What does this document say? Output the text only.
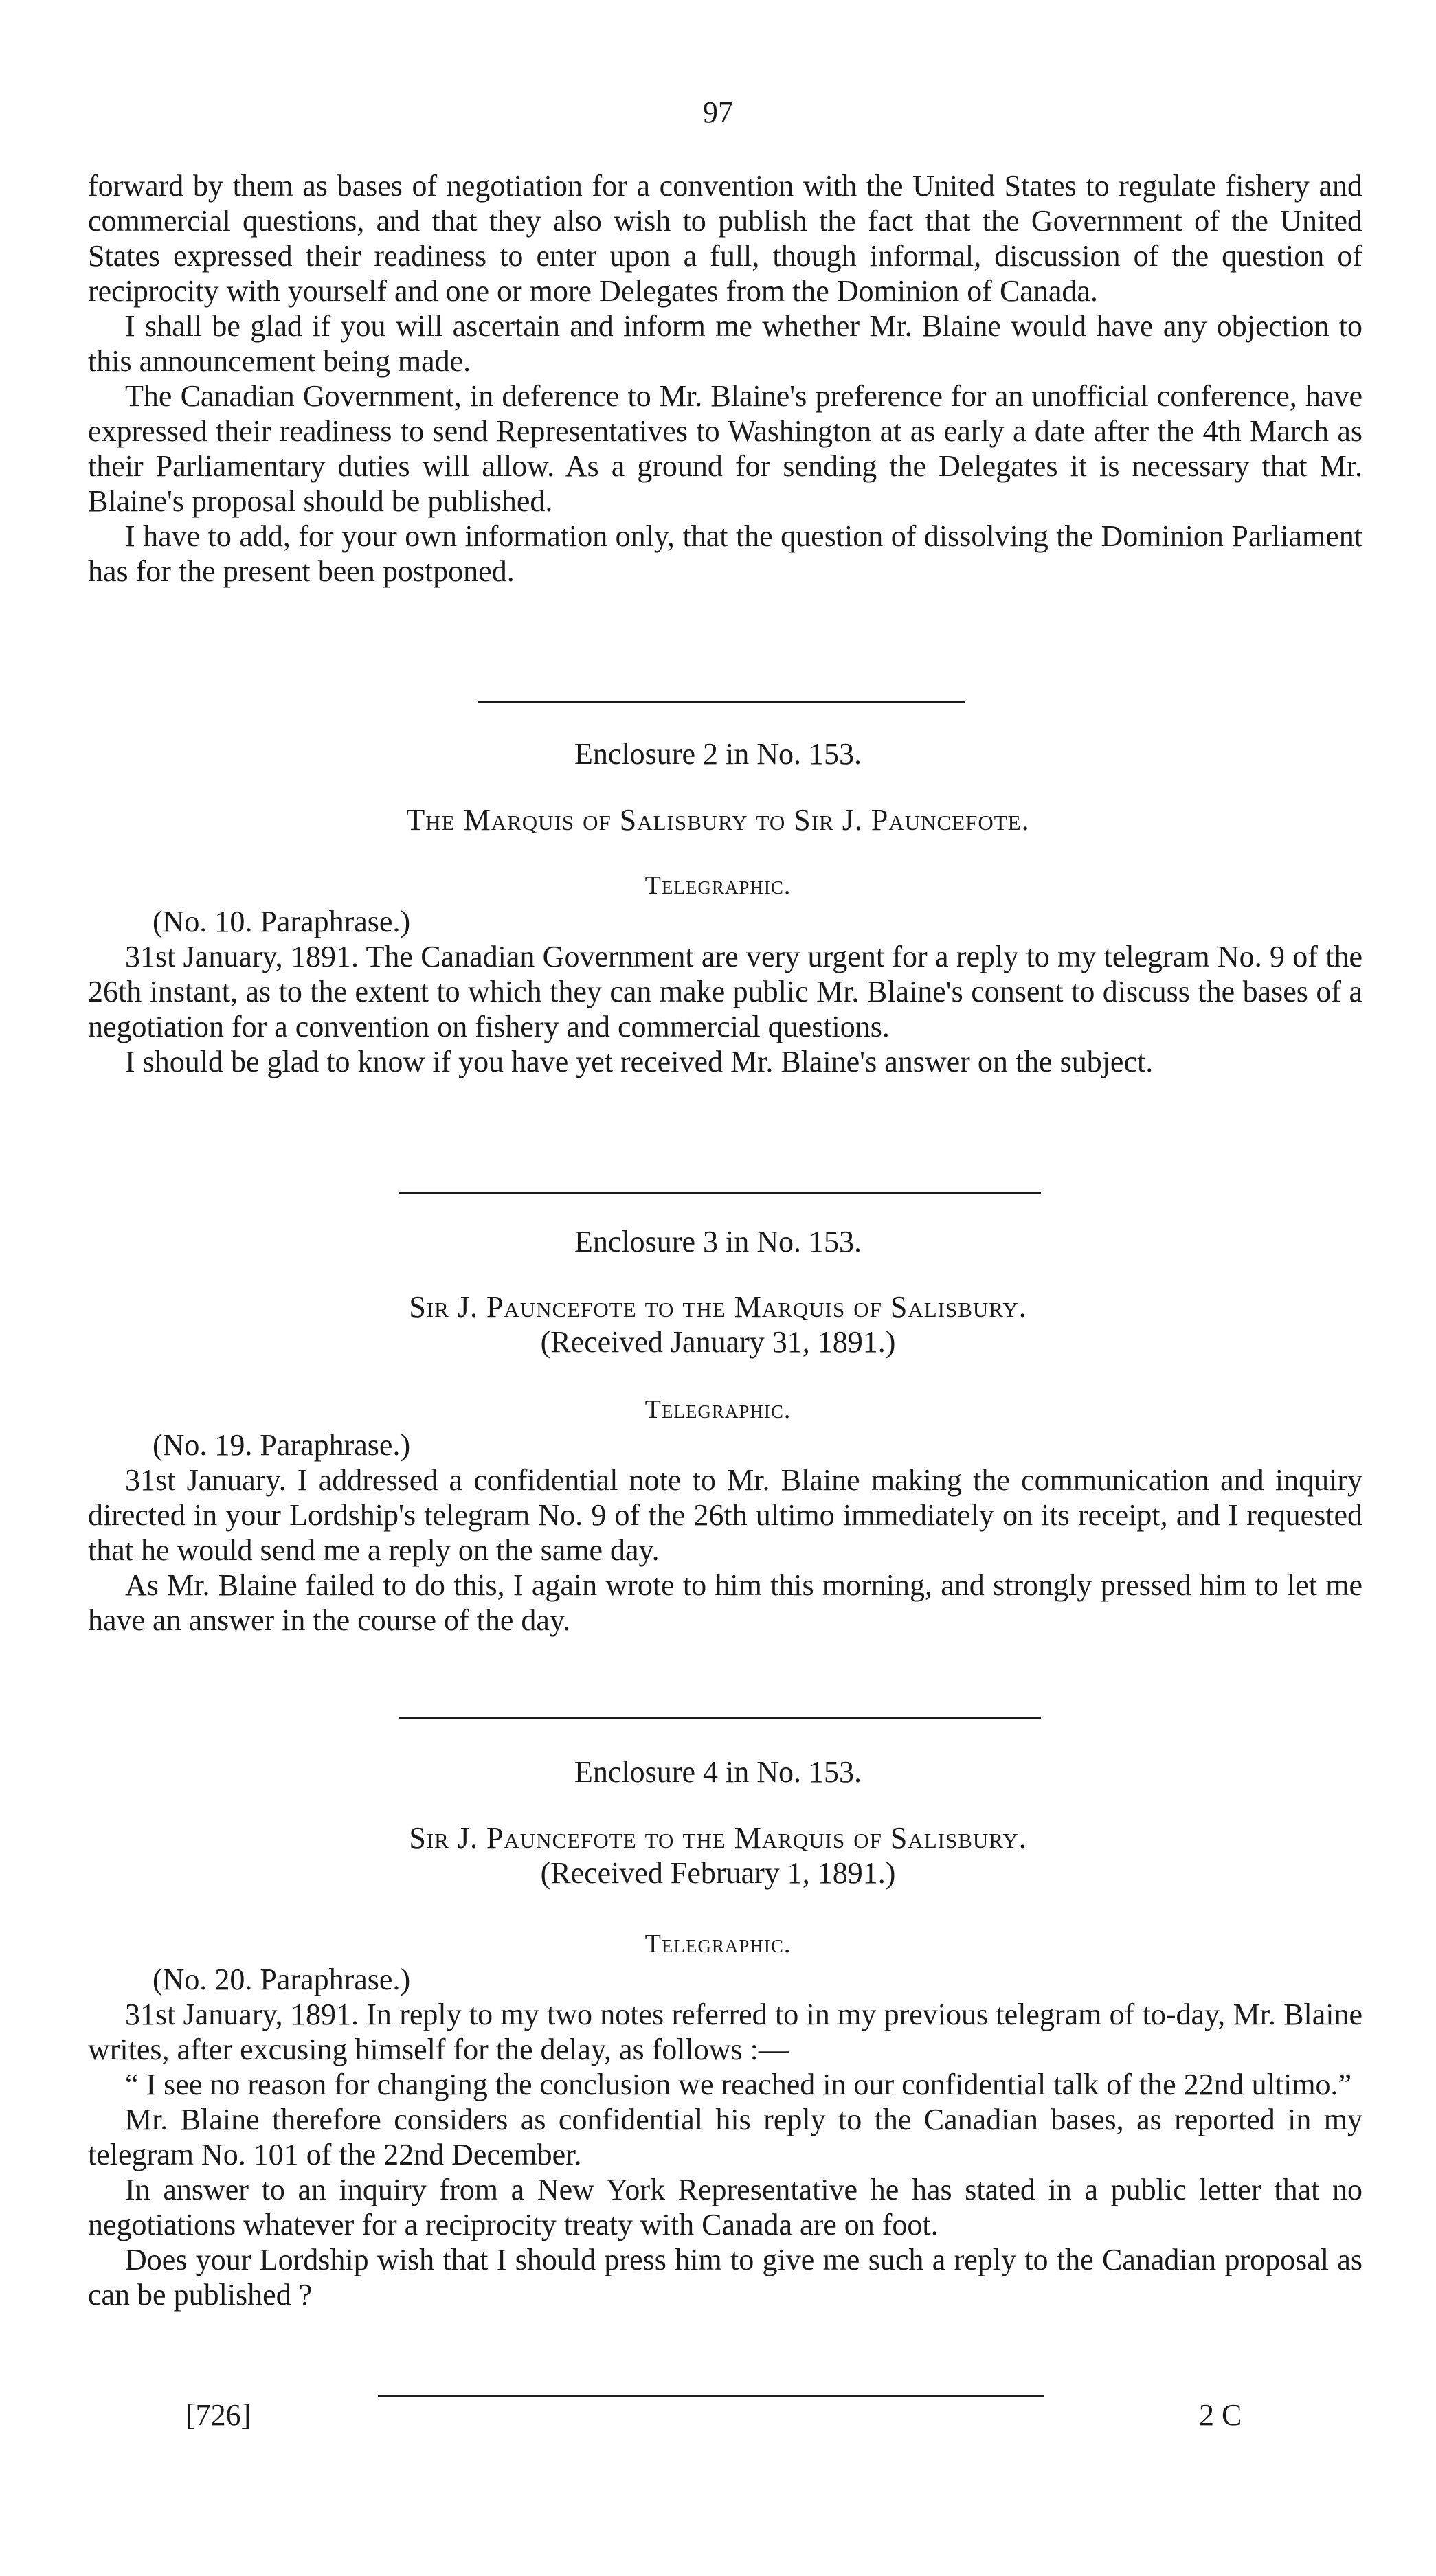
97

forward by them as bases of negotiation for a convention with the United States to regulate fishery and commercial questions, and that they also wish to publish the fact that the Government of the United States expressed their readiness to enter upon a full, though informal, discussion of the question of reciprocity with yourself and one or more Delegates from the Dominion of Canada.

I shall be glad if you will ascertain and inform me whether Mr. Blaine would have any objection to this announcement being made.

The Canadian Government, in deference to Mr. Blaine's preference for an unofficial conference, have expressed their readiness to send Representatives to Washington at as early a date after the 4th March as their Parliamentary duties will allow. As a ground for sending the Delegates it is necessary that Mr. Blaine's proposal should be published.

I have to add, for your own information only, that the question of dissolving the Dominion Parliament has for the present been postponed.

Enclosure 2 in No. 153.
The Marquis of Salisbury to Sir J. Pauncefote.
Telegraphic.

(No. 10. Paraphrase.)

31st January, 1891. The Canadian Government are very urgent for a reply to my telegram No. 9 of the 26th instant, as to the extent to which they can make public Mr. Blaine's consent to discuss the bases of a negotiation for a convention on fishery and commercial questions.

I should be glad to know if you have yet received Mr. Blaine's answer on the subject.

Enclosure 3 in No. 153.
Sir J. Pauncefote to the Marquis of Salisbury.
(Received January 31, 1891.)
Telegraphic.

(No. 19. Paraphrase.)

31st January. I addressed a confidential note to Mr. Blaine making the communication and inquiry directed in your Lordship's telegram No. 9 of the 26th ultimo immediately on its receipt, and I requested that he would send me a reply on the same day.

As Mr. Blaine failed to do this, I again wrote to him this morning, and strongly pressed him to let me have an answer in the course of the day.

Enclosure 4 in No. 153.
Sir J. Pauncefote to the Marquis of Salisbury.
(Received February 1, 1891.)
Telegraphic.

(No. 20. Paraphrase.)

31st January, 1891. In reply to my two notes referred to in my previous telegram of to-day, Mr. Blaine writes, after excusing himself for the delay, as follows :—

“ I see no reason for changing the conclusion we reached in our confidential talk of the 22nd ultimo.”

Mr. Blaine therefore considers as confidential his reply to the Canadian bases, as reported in my telegram No. 101 of the 22nd December.

In answer to an inquiry from a New York Representative he has stated in a public letter that no negotiations whatever for a reciprocity treaty with Canada are on foot.

Does your Lordship wish that I should press him to give me such a reply to the Canadian proposal as can be published ?

[726]	2 C
